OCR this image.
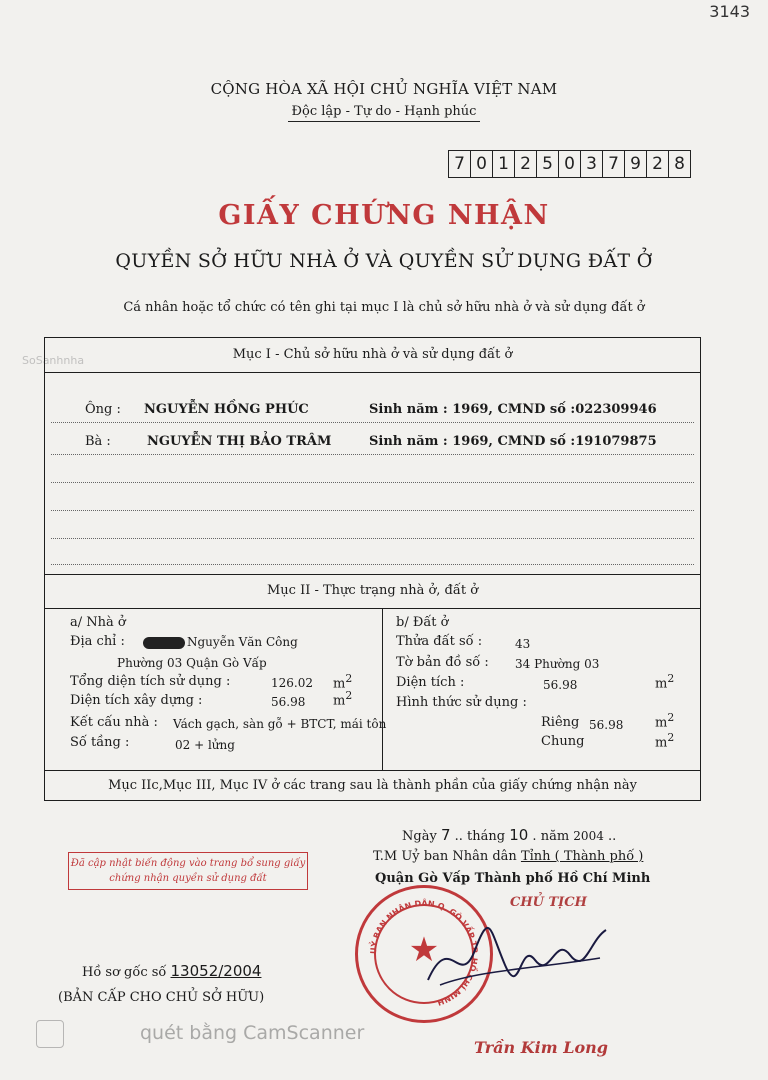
3143
CỘNG HÒA XÃ HỘI CHỦ NGHĨA VIỆT NAM
Độc lập - Tự do - Hạnh phúc
7 0 1 2 5 0 3 7 9 2 8
GIẤY CHỨNG NHẬN
QUYỀN SỞ HỮU NHÀ Ở VÀ QUYỀN SỬ DỤNG ĐẤT Ở
Cá nhân hoặc tổ chức có tên ghi tại mục I là chủ sở hữu nhà ở và sử dụng đất ở
SoSanhnha	Mục I - Chủ sở hữu nhà ở và sử dụng đất ở
Ông : NGUYỄN HỒNG PHÚC	Sinh năm : 1969, CMND số :022309946
Bà :	NGUYỄN THỊ BẢO TRÂM	Sinh năm : 1969, CMND số :191079875
Mục II - Thực trạng nhà ở, đất ở
a/ Nhà ở
Địa chỉ :	Nguyễn Văn Công
Phường 03 Quận Gò Vấp
Tổng diện tích sử dụng :	126.02 $m^2$
Diện tích xây dựng :	56.98 $m^2$
Kết cấu nhà : Vách gạch, sàn gỗ + BTCT, mái tôn
Số tầng :	02 + lửng
b/ Đất ở
Thửa đất số :	43
Tờ bản đồ số : 34 Phường 03
Diện tích :	56.98	$m^2$
Hình thức sử dụng :
Riêng 56.98 $m^2$
Chung	$m^2$
Mục IIc,Mục III, Mục IV ở các trang sau là thành phần của giấy chứng nhận này
Ngày 7 .. tháng 10 . năm 2004 ..
T.M Uỷ ban Nhân dân Tỉnh ( Thành phố )
Quận Gò Vấp Thành phố Hồ Chí Minh
CHỦ TỊCH
Đã cập nhật biến động vào trang bổ sung giấy chứng nhận quyền sử dụng đất
★
UỶ BAN NHÂN DÂN Q. GÒ VẤP TP. HỒ CHÍ MINH
Trần Kim Long
Hồ sơ gốc số 13052/2004
(BẢN CẤP CHO CHỦ SỞ HỮU)
quét bằng CamScanner
